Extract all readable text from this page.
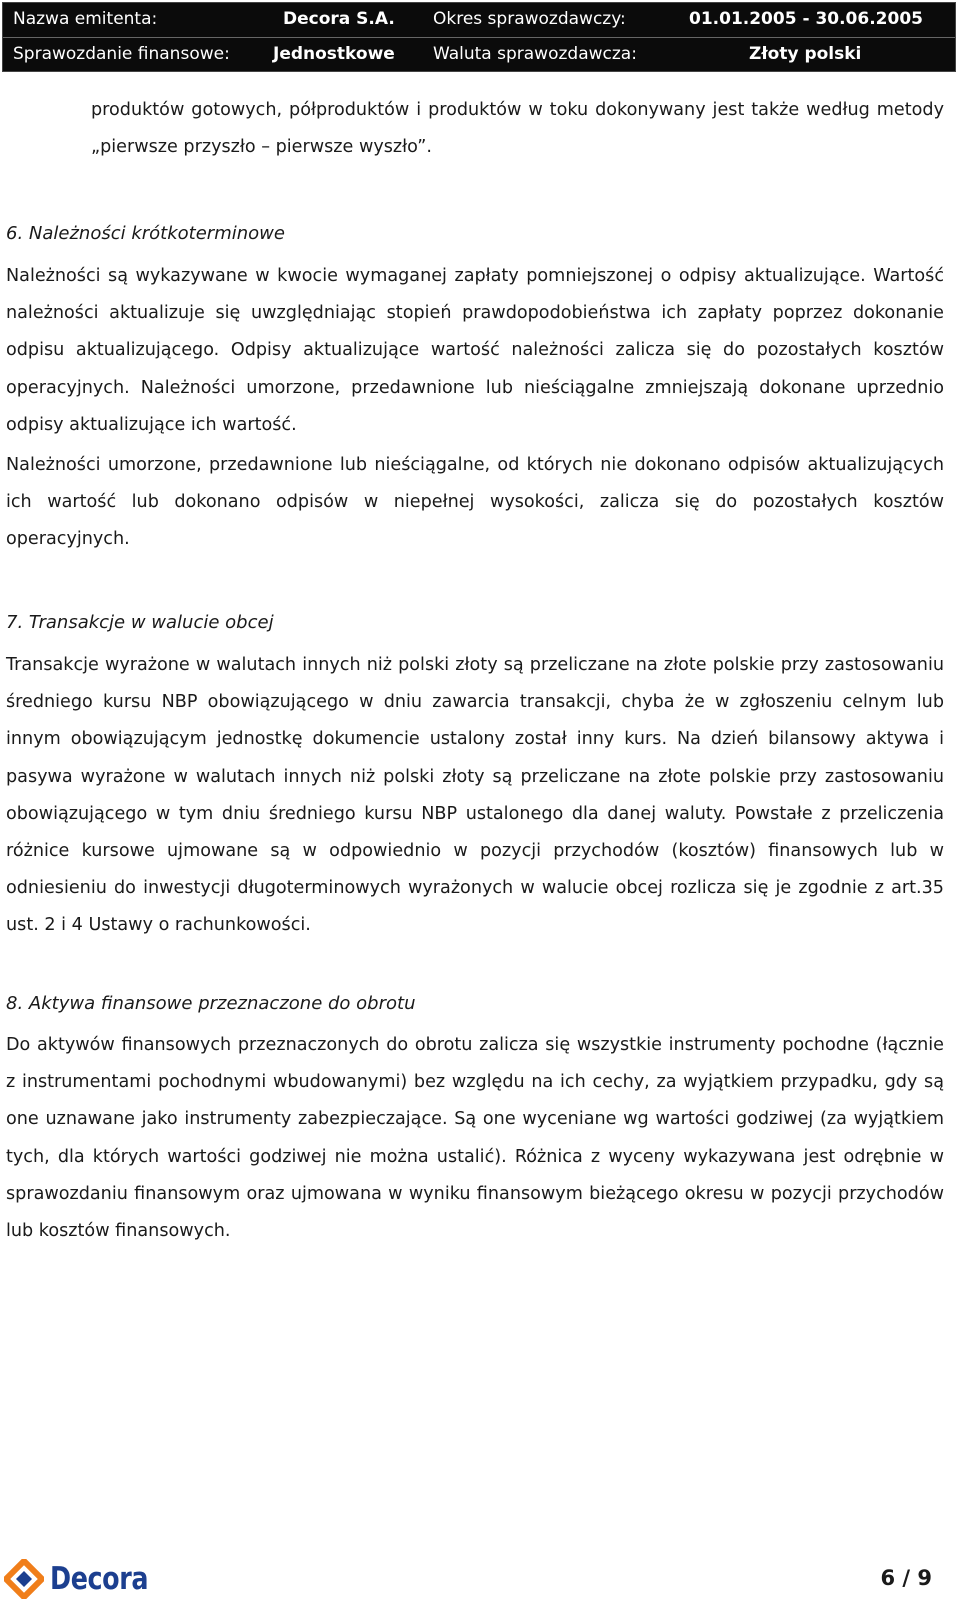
Nazwa emitenta:	Decora S.A. Okres sprawozdawczy:	01.01.2005 - 30.06.2005
Sprawozdanie finansowe:	Jednostkowe Waluta sprawozdawcza:	Złoty polski

produktów gotowych, półproduktów i produktów w toku dokonywany jest także według metody „pierwsze przyszło – pierwsze wyszło”.

6. Należności krótkoterminowe

Należności są wykazywane w kwocie wymaganej zapłaty pomniejszonej o odpisy aktualizujące. Wartość należności aktualizuje się uwzględniając stopień prawdopodobieństwa ich zapłaty poprzez dokonanie odpisu aktualizującego. Odpisy aktualizujące wartość należności zalicza się do pozostałych kosztów operacyjnych. Należności umorzone, przedawnione lub nieściągalne zmniejszają dokonane uprzednio odpisy aktualizujące ich wartość.

Należności umorzone, przedawnione lub nieściągalne, od których nie dokonano odpisów aktualizujących ich wartość lub dokonano odpisów w niepełnej wysokości, zalicza się do pozostałych kosztów operacyjnych.

7. Transakcje w walucie obcej

Transakcje wyrażone w walutach innych niż polski złoty są przeliczane na złote polskie przy zastosowaniu średniego kursu NBP obowiązującego w dniu zawarcia transakcji, chyba że w zgłoszeniu celnym lub innym obowiązującym jednostkę dokumencie ustalony został inny kurs. Na dzień bilansowy aktywa i pasywa wyrażone w walutach innych niż polski złoty są przeliczane na złote polskie przy zastosowaniu obowiązującego w tym dniu średniego kursu NBP ustalonego dla danej waluty. Powstałe z przeliczenia różnice kursowe ujmowane są w odpowiednio w pozycji przychodów (kosztów) finansowych lub w odniesieniu do inwestycji długoterminowych wyrażonych w walucie obcej rozlicza się je zgodnie z art.35 ust. 2 i 4 Ustawy o rachunkowości.

8. Aktywa finansowe przeznaczone do obrotu

Do aktywów finansowych przeznaczonych do obrotu zalicza się wszystkie instrumenty pochodne (łącznie z instrumentami pochodnymi wbudowanymi) bez względu na ich cechy, za wyjątkiem przypadku, gdy są one uznawane jako instrumenty zabezpieczające. Są one wyceniane wg wartości godziwej (za wyjątkiem tych, dla których wartości godziwej nie można ustalić). Różnica z wyceny wykazywana jest odrębnie w sprawozdaniu finansowym oraz ujmowana w wyniku finansowym bieżącego okresu w pozycji przychodów lub kosztów finansowych.

Decora	6 / 9
